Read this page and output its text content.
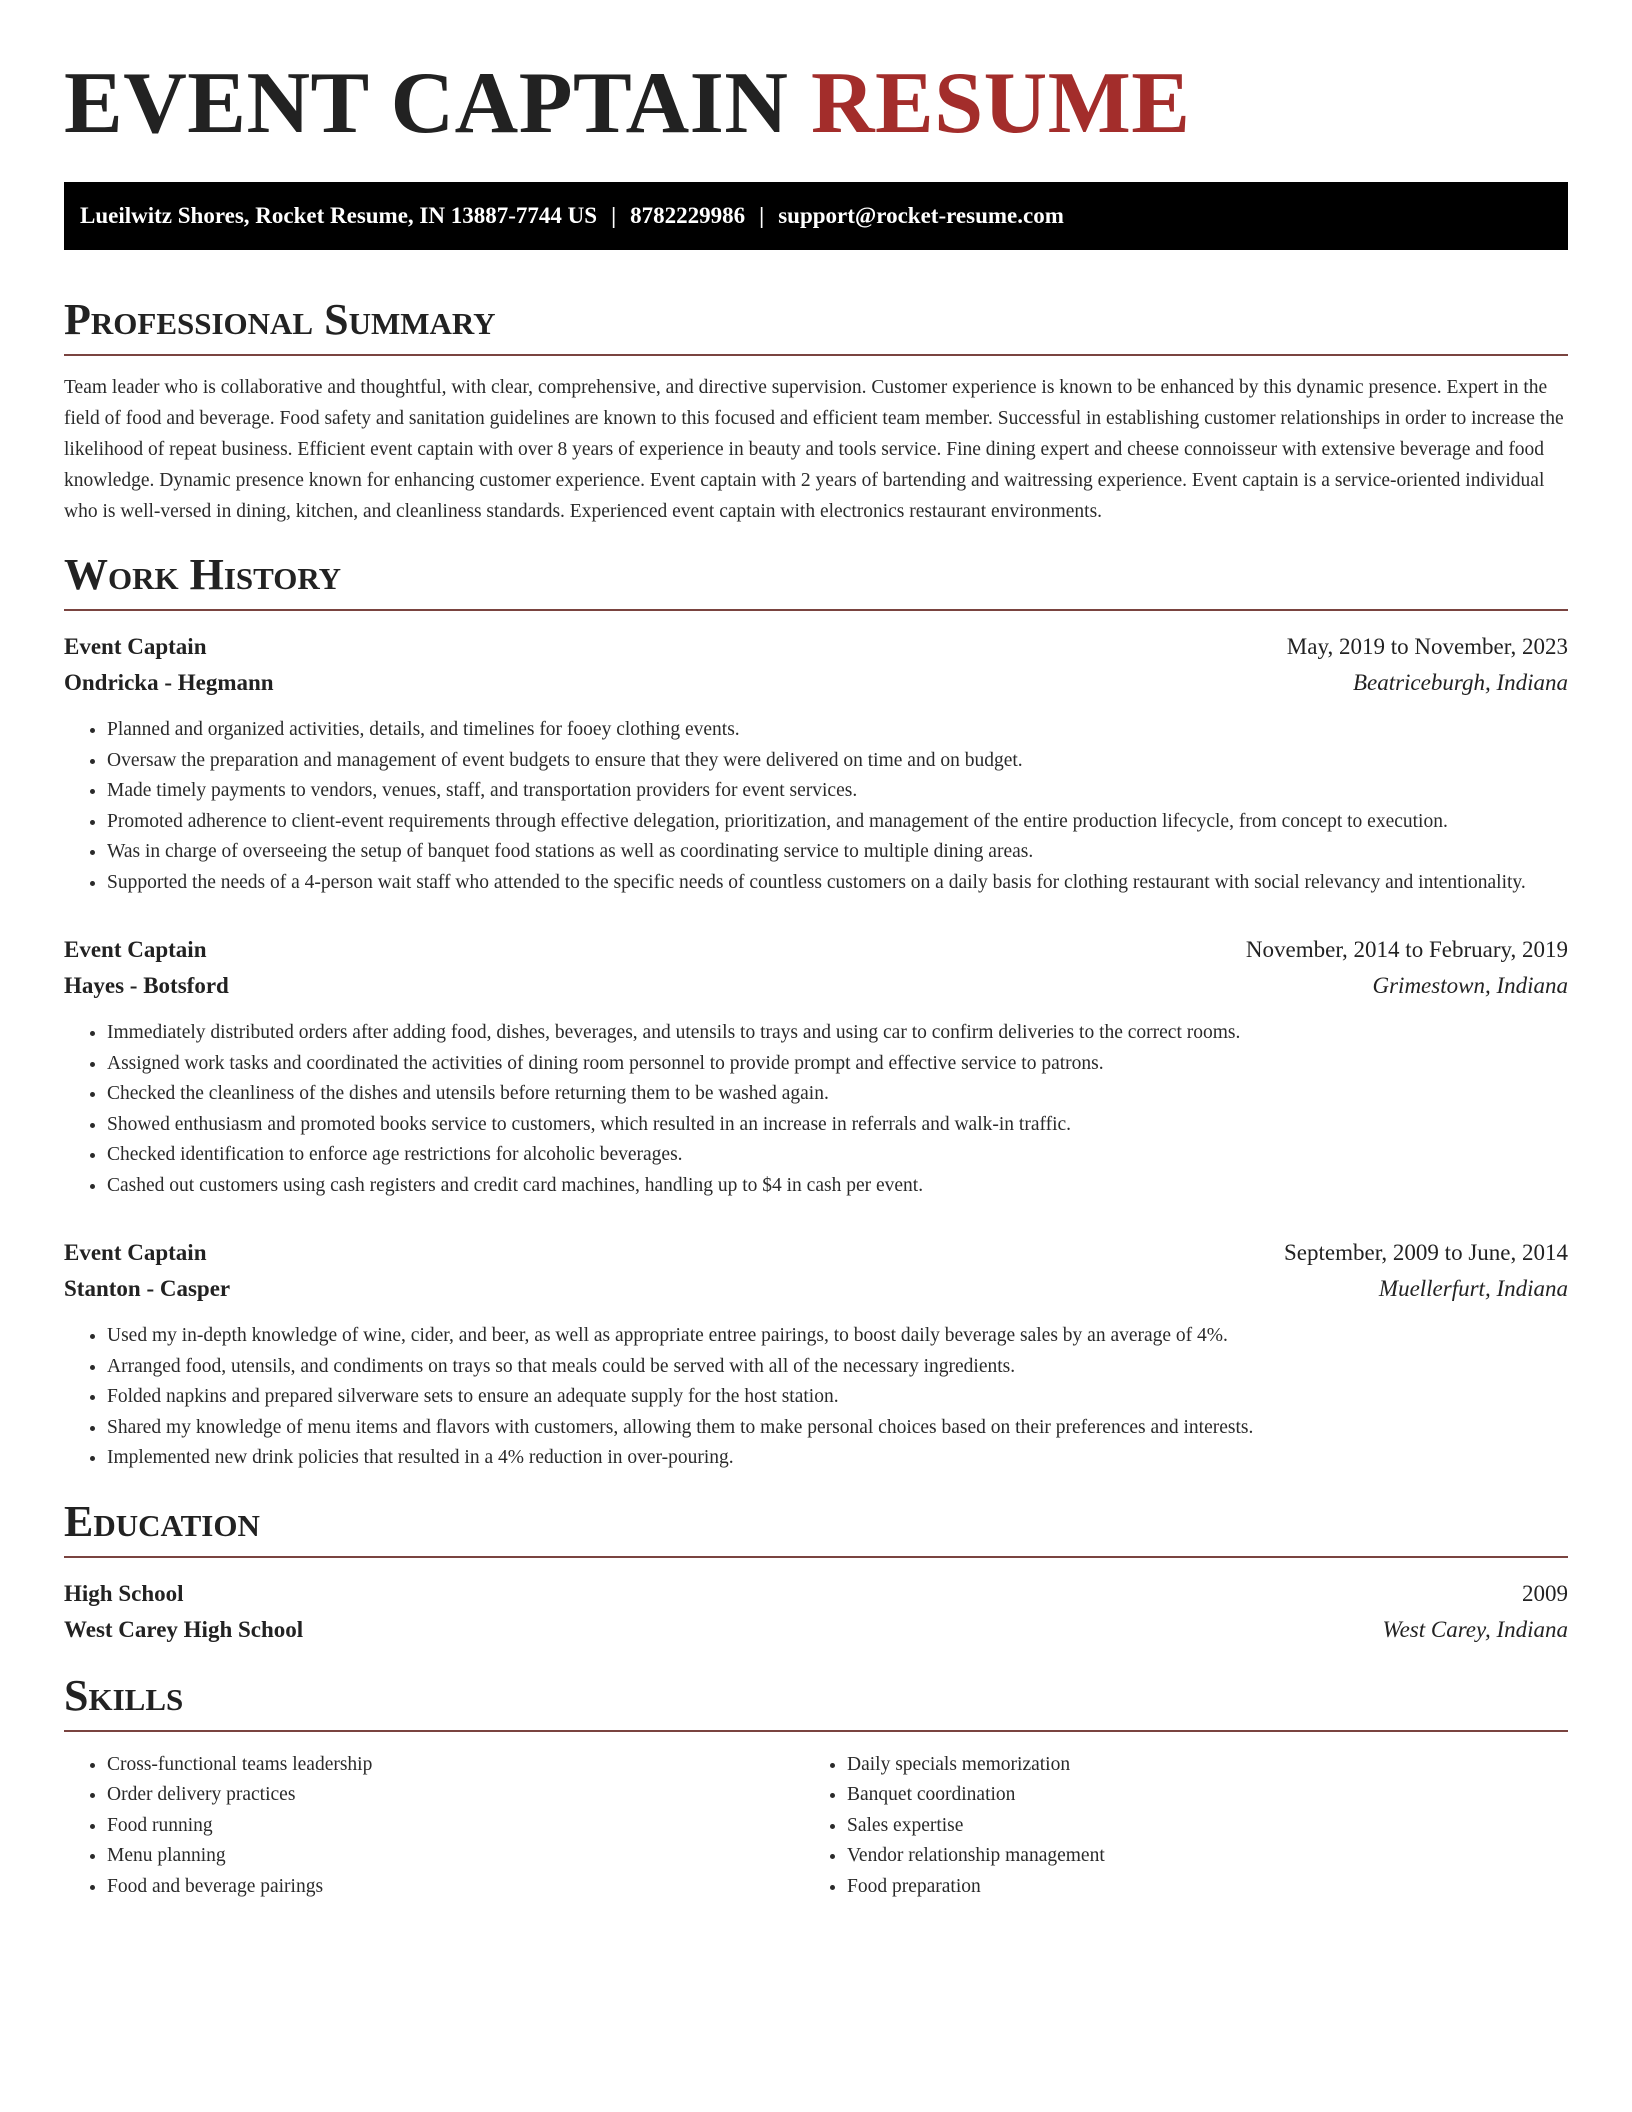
EVENT CAPTAIN RESUME
Lueilwitz Shores, Rocket Resume, IN 13887-7744 US | 8782229986 | support@rocket-resume.com
Professional Summary

Team leader who is collaborative and thoughtful, with clear, comprehensive, and directive supervision. Customer experience is known to be enhanced by this dynamic presence. Expert in the field of food and beverage. Food safety and sanitation guidelines are known to this focused and efficient team member. Successful in establishing customer relationships in order to increase the likelihood of repeat business. Efficient event captain with over 8 years of experience in beauty and tools service. Fine dining expert and cheese connoisseur with extensive beverage and food knowledge. Dynamic presence known for enhancing customer experience. Event captain with 2 years of bartending and waitressing experience. Event captain is a service-oriented individual who is well-versed in dining, kitchen, and cleanliness standards. Experienced event captain with electronics restaurant environments.

Work History
Event Captain	May, 2019 to November, 2023
Ondricka - Hegmann	Beatriceburgh, Indiana
• Planned and organized activities, details, and timelines for fooey clothing events.
• Oversaw the preparation and management of event budgets to ensure that they were delivered on time and on budget.
• Made timely payments to vendors, venues, staff, and transportation providers for event services.
• Promoted adherence to client-event requirements through effective delegation, prioritization, and management of the entire production lifecycle, from concept to execution.
• Was in charge of overseeing the setup of banquet food stations as well as coordinating service to multiple dining areas.
• Supported the needs of a 4-person wait staff who attended to the specific needs of countless customers on a daily basis for clothing restaurant with social relevancy and intentionality.
Event Captain	November, 2014 to February, 2019
Hayes - Botsford	Grimestown, Indiana
• Immediately distributed orders after adding food, dishes, beverages, and utensils to trays and using car to confirm deliveries to the correct rooms.
• Assigned work tasks and coordinated the activities of dining room personnel to provide prompt and effective service to patrons.
• Checked the cleanliness of the dishes and utensils before returning them to be washed again.
• Showed enthusiasm and promoted books service to customers, which resulted in an increase in referrals and walk-in traffic.
• Checked identification to enforce age restrictions for alcoholic beverages.
• Cashed out customers using cash registers and credit card machines, handling up to $4 in cash per event.
Event Captain	September, 2009 to June, 2014
Stanton - Casper	Muellerfurt, Indiana
• Used my in-depth knowledge of wine, cider, and beer, as well as appropriate entree pairings, to boost daily beverage sales by an average of 4%.
• Arranged food, utensils, and condiments on trays so that meals could be served with all of the necessary ingredients.
• Folded napkins and prepared silverware sets to ensure an adequate supply for the host station.
• Shared my knowledge of menu items and flavors with customers, allowing them to make personal choices based on their preferences and interests.
• Implemented new drink policies that resulted in a 4% reduction in over-pouring.
Education
High School	2009
West Carey High School	West Carey, Indiana
Skills
• Cross-functional teams leadership
• Order delivery practices
• Food running
• Menu planning
• Food and beverage pairings
• Daily specials memorization
• Banquet coordination
• Sales expertise
• Vendor relationship management
• Food preparation
